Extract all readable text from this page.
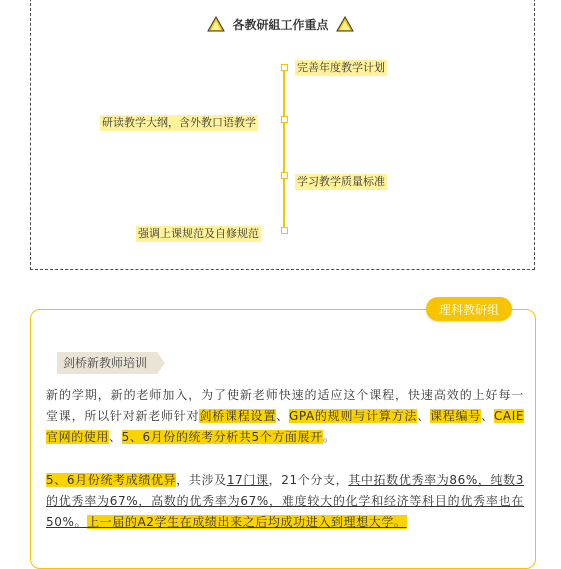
各教研組工作重点
完善年度教学计划
研读教学大纲，含外教口语教学
学习教学质量标准
强调上课规范及自修规范
理科教研组
剑桥新教师培训
新的学期，新的老师加入，为了使新老师快速的适应这个课程，快速高效的上好每一堂课，所以针对新老师针对剑桥课程设置、GPA的规则与计算方法、课程编号、CAIE官网的使用、5、6月份的统考分析共5个方面展开。
5、6月份统考成绩优异，共涉及17门课，21个分支，其中拓数优秀率为86%，纯数3的优秀率为67%，高数的优秀率为67%，难度较大的化学和经济等科目的优秀率也在50%。上一届的A2学生在成绩出来之后均成功进入到理想大学。
